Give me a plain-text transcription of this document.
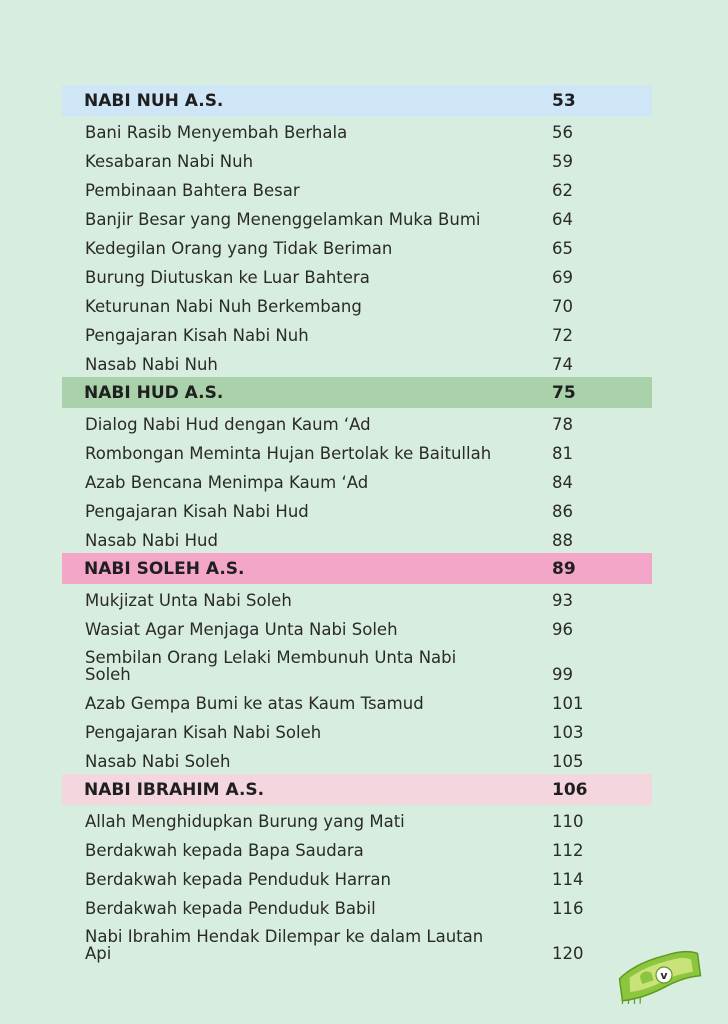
NABI NUH A.S.	53
Bani Rasib Menyembah Berhala	56
Kesabaran Nabi Nuh	59
Pembinaan Bahtera Besar	62
Banjir Besar yang Menenggelamkan Muka Bumi	64
Kedegilan Orang yang Tidak Beriman	65
Burung Diutuskan ke Luar Bahtera	69
Keturunan Nabi Nuh Berkembang	70
Pengajaran Kisah Nabi Nuh	72
Nasab Nabi Nuh	74
NABI HUD A.S.	75
Dialog Nabi Hud dengan Kaum ‘Ad	78
Rombongan Meminta Hujan Bertolak ke Baitullah	81
Azab Bencana Menimpa Kaum ‘Ad	84
Pengajaran Kisah Nabi Hud	86
Nasab Nabi Hud	88
NABI SOLEH A.S.	89
Mukjizat Unta Nabi Soleh	93
Wasiat Agar Menjaga Unta Nabi Soleh	96
Sembilan Orang Lelaki Membunuh Unta Nabi Soleh	99
Azab Gempa Bumi ke atas Kaum Tsamud	101
Pengajaran Kisah Nabi Soleh	103
Nasab Nabi Soleh	105
NABI IBRAHIM A.S.	106
Allah Menghidupkan Burung yang Mati	110
Berdakwah kepada Bapa Saudara	112
Berdakwah kepada Penduduk Harran	114
Berdakwah kepada Penduduk Babil	116
Nabi Ibrahim Hendak Dilempar ke dalam Lautan Api	120
v
